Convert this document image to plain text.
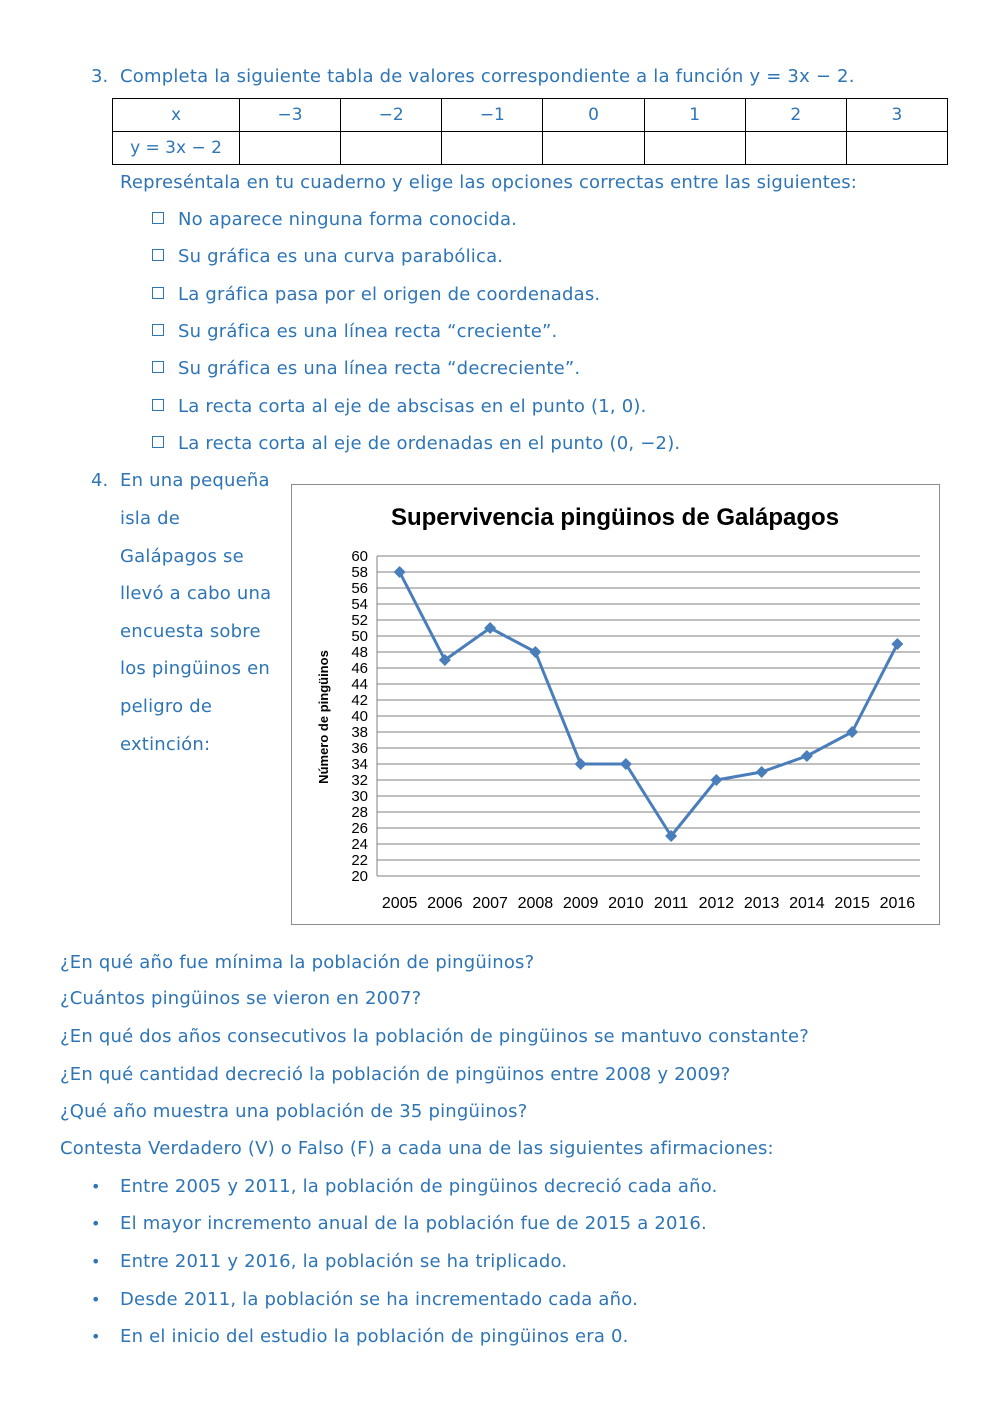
3. Completa la siguiente tabla de valores correspondiente a la función y = 3x − 2.
x	−3	−2	−1	0	1	2	3
y = 3x − 2							
Represéntala en tu cuaderno y elige las opciones correctas entre las siguientes:
No aparece ninguna forma conocida.
Su gráfica es una curva parabólica.
La gráfica pasa por el origen de coordenadas.
Su gráfica es una línea recta “creciente”.
Su gráfica es una línea recta “decreciente”.
La recta corta al eje de abscisas en el punto (1, 0).
La recta corta al eje de ordenadas en el punto (0, −2).
4. En una pequeña
isla de
Galápagos se
llevó a cabo una
encuesta sobre
los pingüinos en
peligro de
extinción:
Supervivencia pingüinos de Galápagos
Número de pingüinos
20
22
24
26
28
30
32
34
36
38
40
42
44
46
48
50
52
54
56
58
60
2005 2006 2007 2008 2009 2010 2011 2012 2013 2014 2015 2016
¿En qué año fue mínima la población de pingüinos?
¿Cuántos pingüinos se vieron en 2007?
¿En qué dos años consecutivos la población de pingüinos se mantuvo constante?
¿En qué cantidad decreció la población de pingüinos entre 2008 y 2009?
¿Qué año muestra una población de 35 pingüinos?
Contesta Verdadero (V) o Falso (F) a cada una de las siguientes afirmaciones:
• Entre 2005 y 2011, la población de pingüinos decreció cada año.
• El mayor incremento anual de la población fue de 2015 a 2016.
• Entre 2011 y 2016, la población se ha triplicado.
• Desde 2011, la población se ha incrementado cada año.
• En el inicio del estudio la población de pingüinos era 0.
